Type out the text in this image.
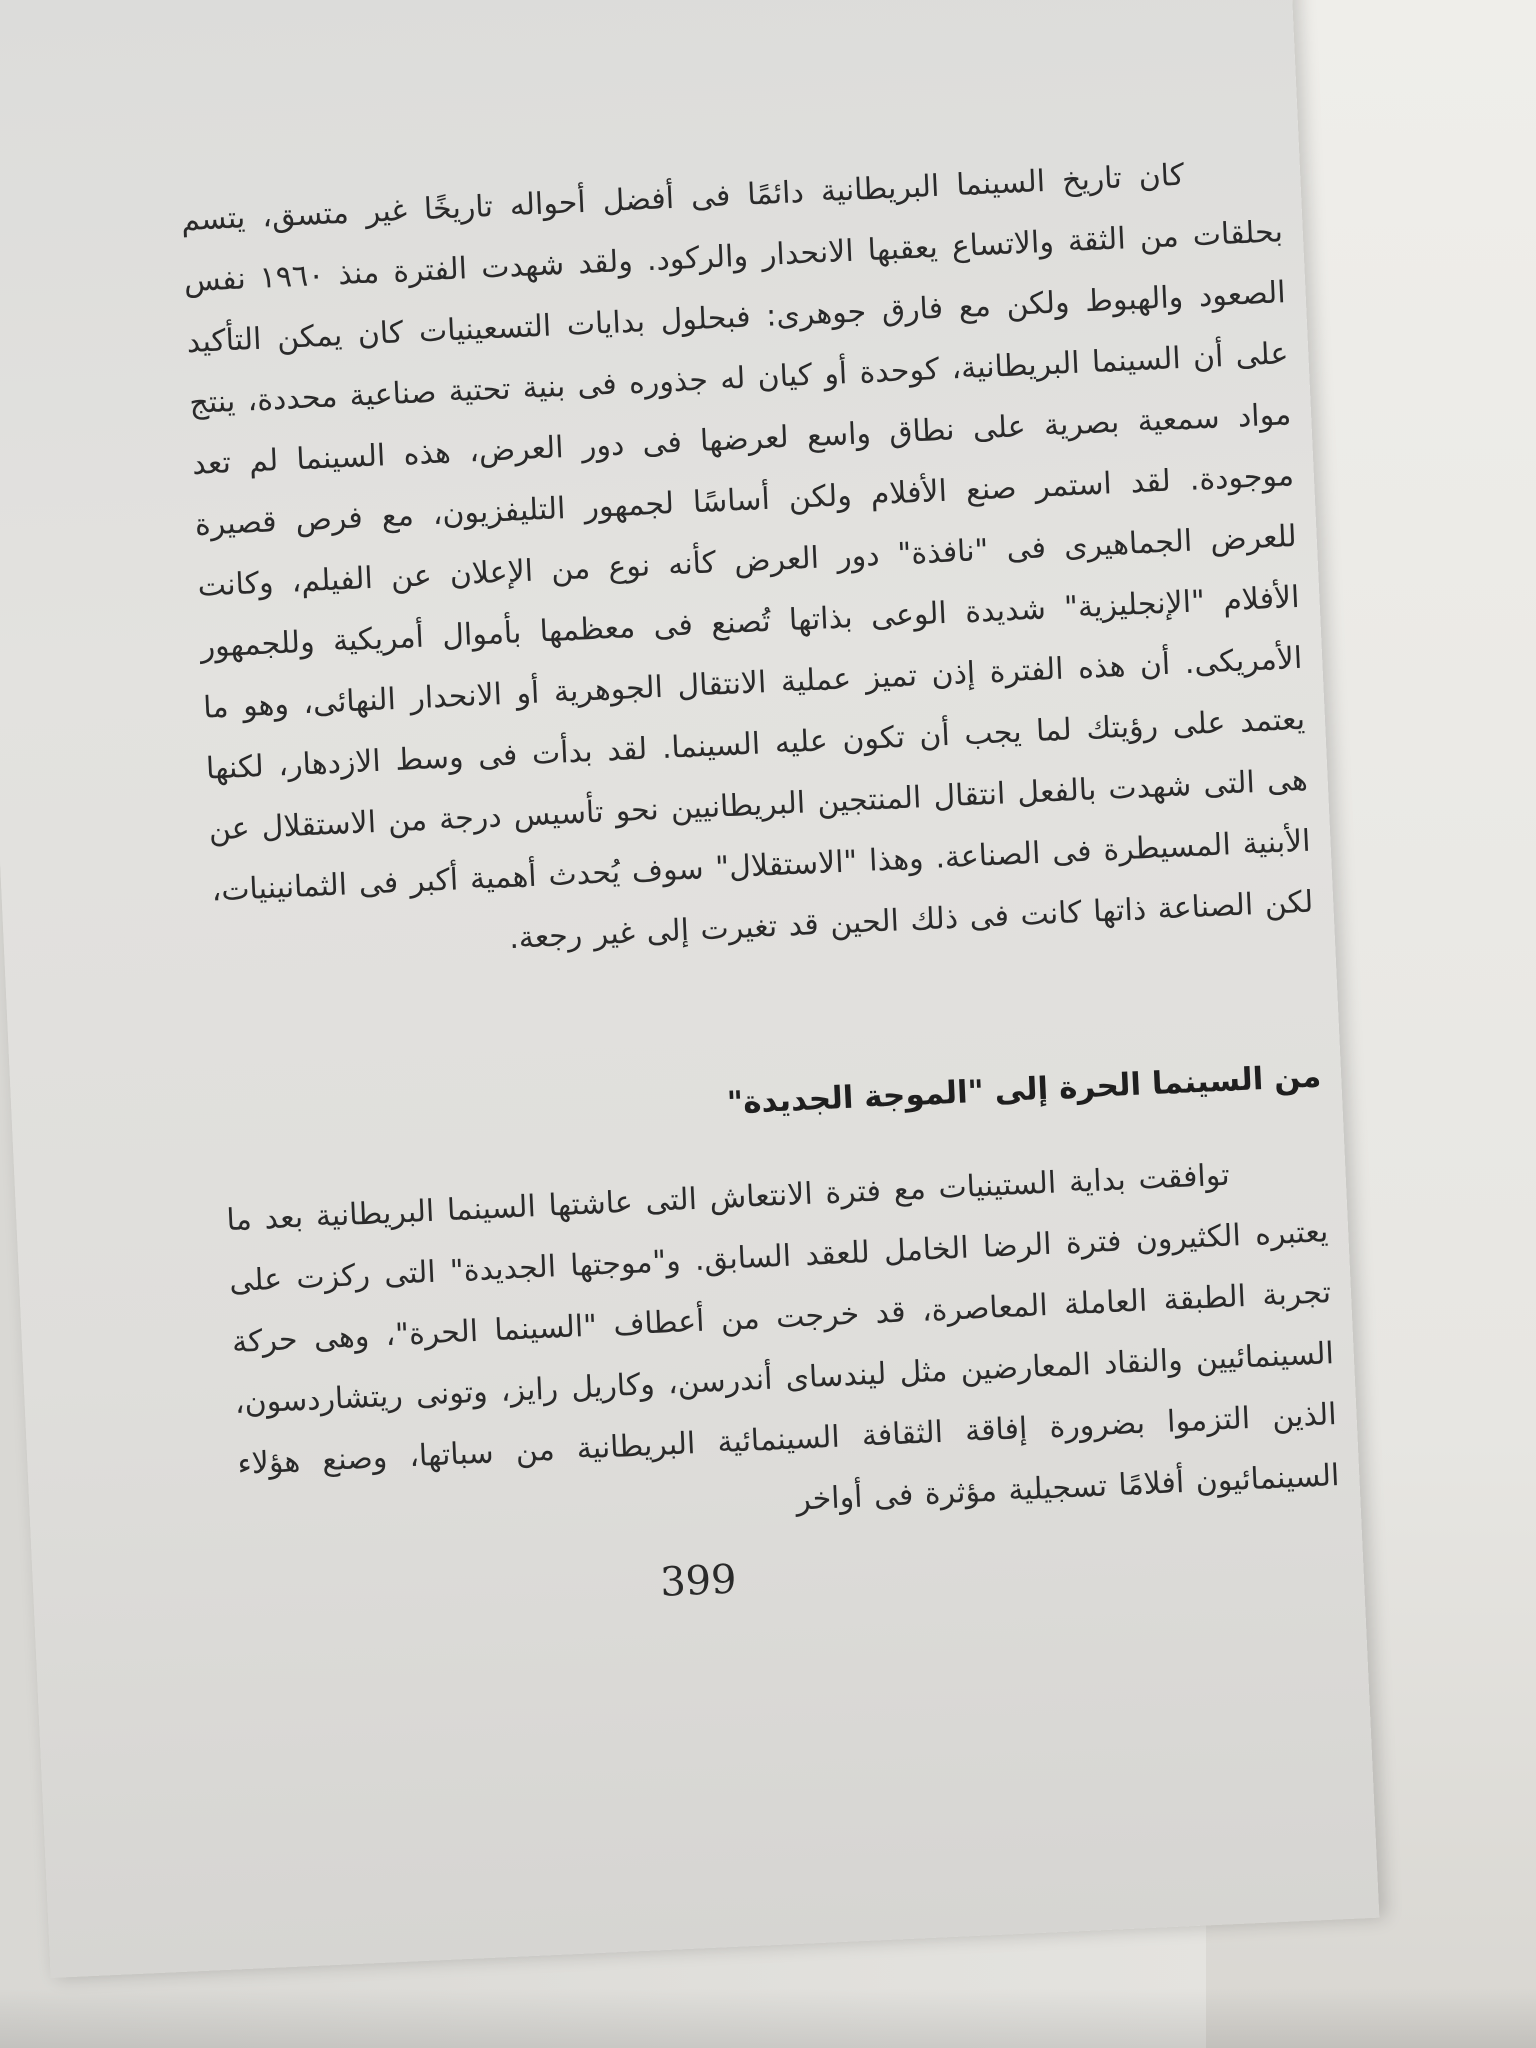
كان تاريخ السينما البريطانية دائمًا فى أفضل أحواله تاريخًا غير متسق، يتسم بحلقات من الثقة والاتساع يعقبها الانحدار والركود. ولقد شهدت الفترة منذ ١٩٦٠ نفس الصعود والهبوط ولكن مع فارق جوهرى: فبحلول بدايات التسعينيات كان يمكن التأكيد على أن السينما البريطانية، كوحدة أو كيان له جذوره فى بنية تحتية صناعية محددة، ينتج مواد سمعية بصرية على نطاق واسع لعرضها فى دور العرض، هذه السينما لم تعد موجودة. لقد استمر صنع الأفلام ولكن أساسًا لجمهور التليفزيون، مع فرص قصيرة للعرض الجماهيرى فى "نافذة" دور العرض كأنه نوع من الإعلان عن الفيلم، وكانت الأفلام "الإنجليزية" شديدة الوعى بذاتها تُصنع فى معظمها بأموال أمريكية وللجمهور الأمريكى. أن هذه الفترة إذن تميز عملية الانتقال الجوهرية أو الانحدار النهائى، وهو ما يعتمد على رؤيتك لما يجب أن تكون عليه السينما. لقد بدأت فى وسط الازدهار، لكنها هى التى شهدت بالفعل انتقال المنتجين البريطانيين نحو تأسيس درجة من الاستقلال عن الأبنية المسيطرة فى الصناعة. وهذا "الاستقلال" سوف يُحدث أهمية أكبر فى الثمانينيات، لكن الصناعة ذاتها كانت فى ذلك الحين قد تغيرت إلى غير رجعة.

من السينما الحرة إلى "الموجة الجديدة"

توافقت بداية الستينيات مع فترة الانتعاش التى عاشتها السينما البريطانية بعد ما يعتبره الكثيرون فترة الرضا الخامل للعقد السابق. و"موجتها الجديدة" التى ركزت على تجربة الطبقة العاملة المعاصرة، قد خرجت من أعطاف "السينما الحرة"، وهى حركة السينمائيين والنقاد المعارضين مثل ليندساى أندرسن، وكاريل رايز، وتونى ريتشاردسون، الذين التزموا بضرورة إفاقة الثقافة السينمائية البريطانية من سباتها، وصنع هؤلاء السينمائيون أفلامًا تسجيلية مؤثرة فى أواخر

399
